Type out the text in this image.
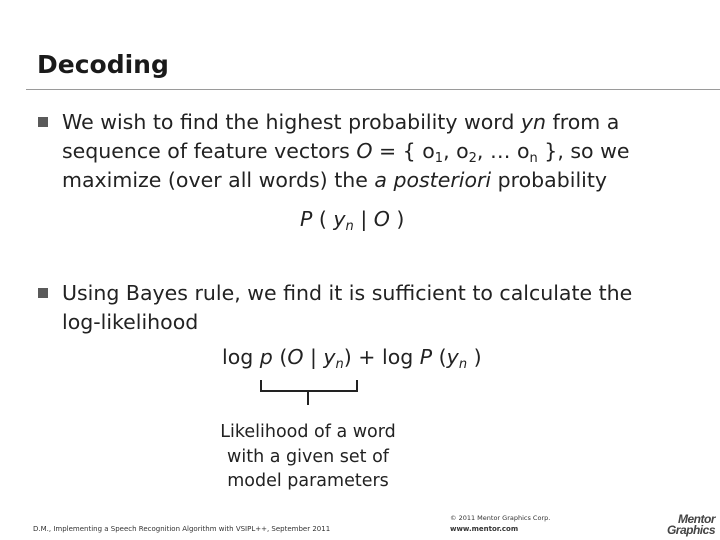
Decoding
We wish to find the highest probability word yn from a
sequence of feature vectors O = { $o_1$, $o_2$, … $o_n$ }, so we
maximize (over all words) the a posteriori probability
P ( $y_n$ | O )
Using Bayes rule, we find it is sufficient to calculate the
log-likelihood
log p (O | $y_n) + \log P$ ($y_n$ )
Likelihood of a word
with a given set of
model parameters
D.M., Implementing a Speech Recognition Algorithm with VSIPL++, September 2011
© 2011 Mentor Graphics Corp.
www.mentor.com
Mentor
Graphics
